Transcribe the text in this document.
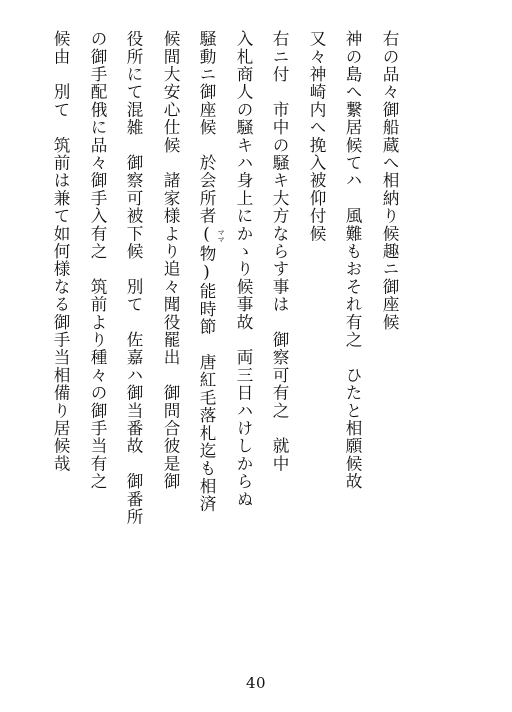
右の品々御船蔵へ相納り候趣ニ御座候
神の島へ繋居候てハ　風難もおそれ有之　ひたと相願候故
又々神崎内へ挽入被仰付候
右ニ付　市中の騒キ大方ならす事は　御察可有之　就中
入札商人の騒キハ身上にかゝり候事故　両三日ハけしからぬ
騒動ニ御座候　於会所者(物)能時節　唐紅毛落札迄も相済
候間大安心仕候　諸家様より追々聞役罷出　御問合彼是御
役所にて混雑　御察可被下候　別て　佐嘉ハ御当番故　御番所
の御手配俄に品々御手入有之　筑前より種々の御手当有之
候由　別て　筑前は兼て如何様なる御手当相備り居候哉	ママ
40
